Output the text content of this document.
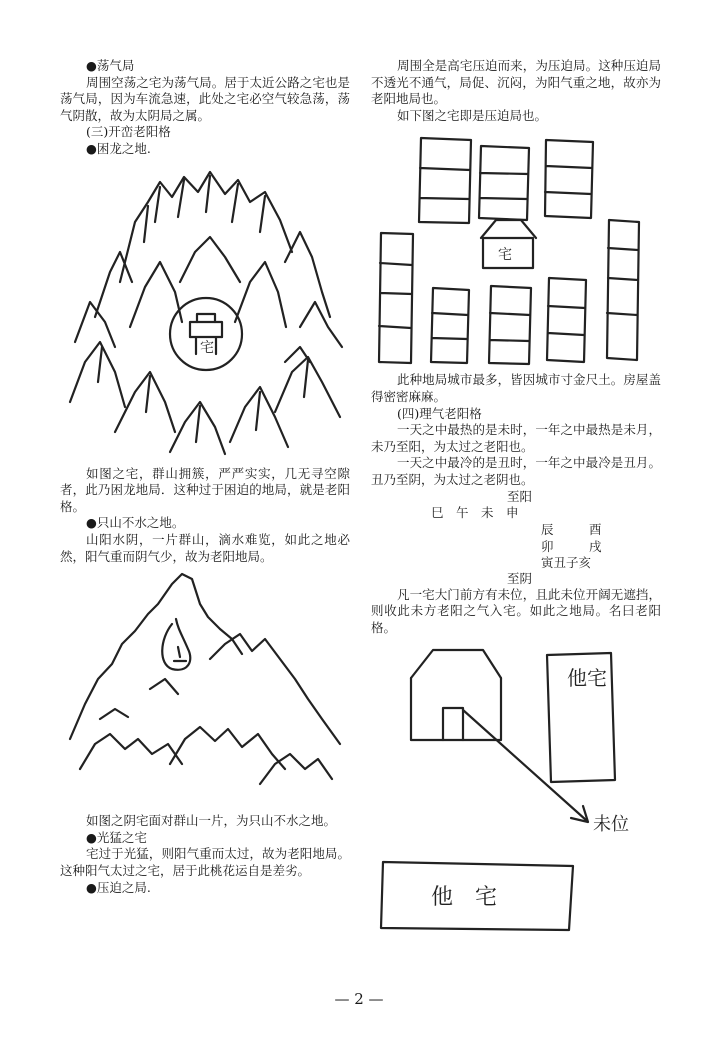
●荡气局

周围空荡之宅为荡气局。居于太近公路之宅也是荡气局，因为车流急速，此处之宅必空气较急荡，荡气阴散，故为太阴局之属。

(三)开峦老阳格

●困龙之地.

宅

如图之宅，群山拥簇，严严实实，几无寻空隙者，此乃困龙地局．这种过于困迫的地局，就是老阳格。

●只山不水之地。

山阳水阴，一片群山，滴水难览，如此之地必然，阳气重而阴气少，故为老阳地局。

如图之阴宅面对群山一片，为只山不水之地。

●光猛之宅

宅过于光猛，则阳气重而太过，故为老阳地局。这种阳气太过之宅，居于此桃花运自是差劣。

●压迫之局.

周围全是高宅压迫而来，为压迫局。这种压迫局不透光不通气，局促、沉闷，为阳气重之地，故亦为老阳地局也。

如下图之宅即是压迫局也。

宅

此种地局城市最多，皆因城市寸金尺土。房屋盖得密密麻麻。

(四)理气老阳格

一天之中最热的是未时，一年之中最热是未月，未乃至阳，为太过之老阳也。

一天之中最冷的是丑时，一年之中最冷是丑月。丑乃至阴，为太过之老阴也。

至阳
巳　午　未　申
辰	酉
卯	戌
寅丑子亥
至阴

凡一宅大门前方有未位，且此未位开阔无遮挡，则收此未方老阳之气入宅。如此之地局。名曰老阳格。

他宅
未位
他　宅
— 2 —
